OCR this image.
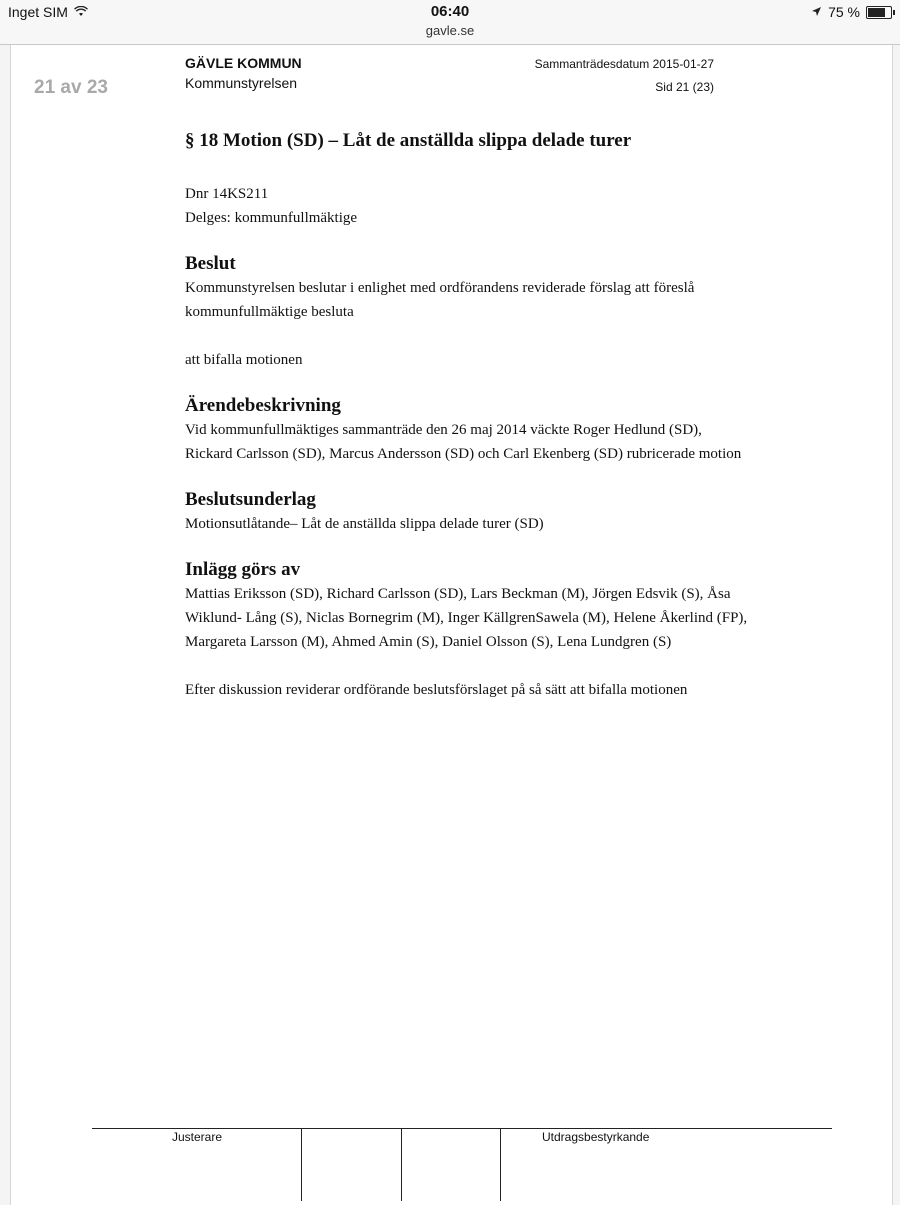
Inget SIM	06:40
gavle.se
75 %
21 av 23
GÄVLE KOMMUN
Kommunstyrelsen
Sammanträdesdatum 2015-01-27
Sid 21 (23)
§ 18 Motion (SD) – Låt de anställda slippa delade turer
Dnr 14KS211
Delges: kommunfullmäktige
Beslut

Kommunstyrelsen beslutar i enlighet med ordförandens reviderade förslag att föreslå

kommunfullmäktige besluta

att bifalla motionen

Ärendebeskrivning

Vid kommunfullmäktiges sammanträde den 26 maj 2014 väckte Roger Hedlund (SD),

Rickard Carlsson (SD), Marcus Andersson (SD) och Carl Ekenberg (SD) rubricerade motion

Beslutsunderlag

Motionsutlåtande– Låt de anställda slippa delade turer (SD)

Inlägg görs av

Mattias Eriksson (SD), Richard Carlsson (SD), Lars Beckman (M), Jörgen Edsvik (S), Åsa

Wiklund- Lång (S), Niclas Bornegrim (M), Inger KällgrenSawela (M), Helene Åkerlind (FP),

Margareta Larsson (M), Ahmed Amin (S), Daniel Olsson (S), Lena Lundgren (S)

Efter diskussion reviderar ordförande beslutsförslaget på så sätt att bifalla motionen

Justerare	Utdragsbestyrkande
